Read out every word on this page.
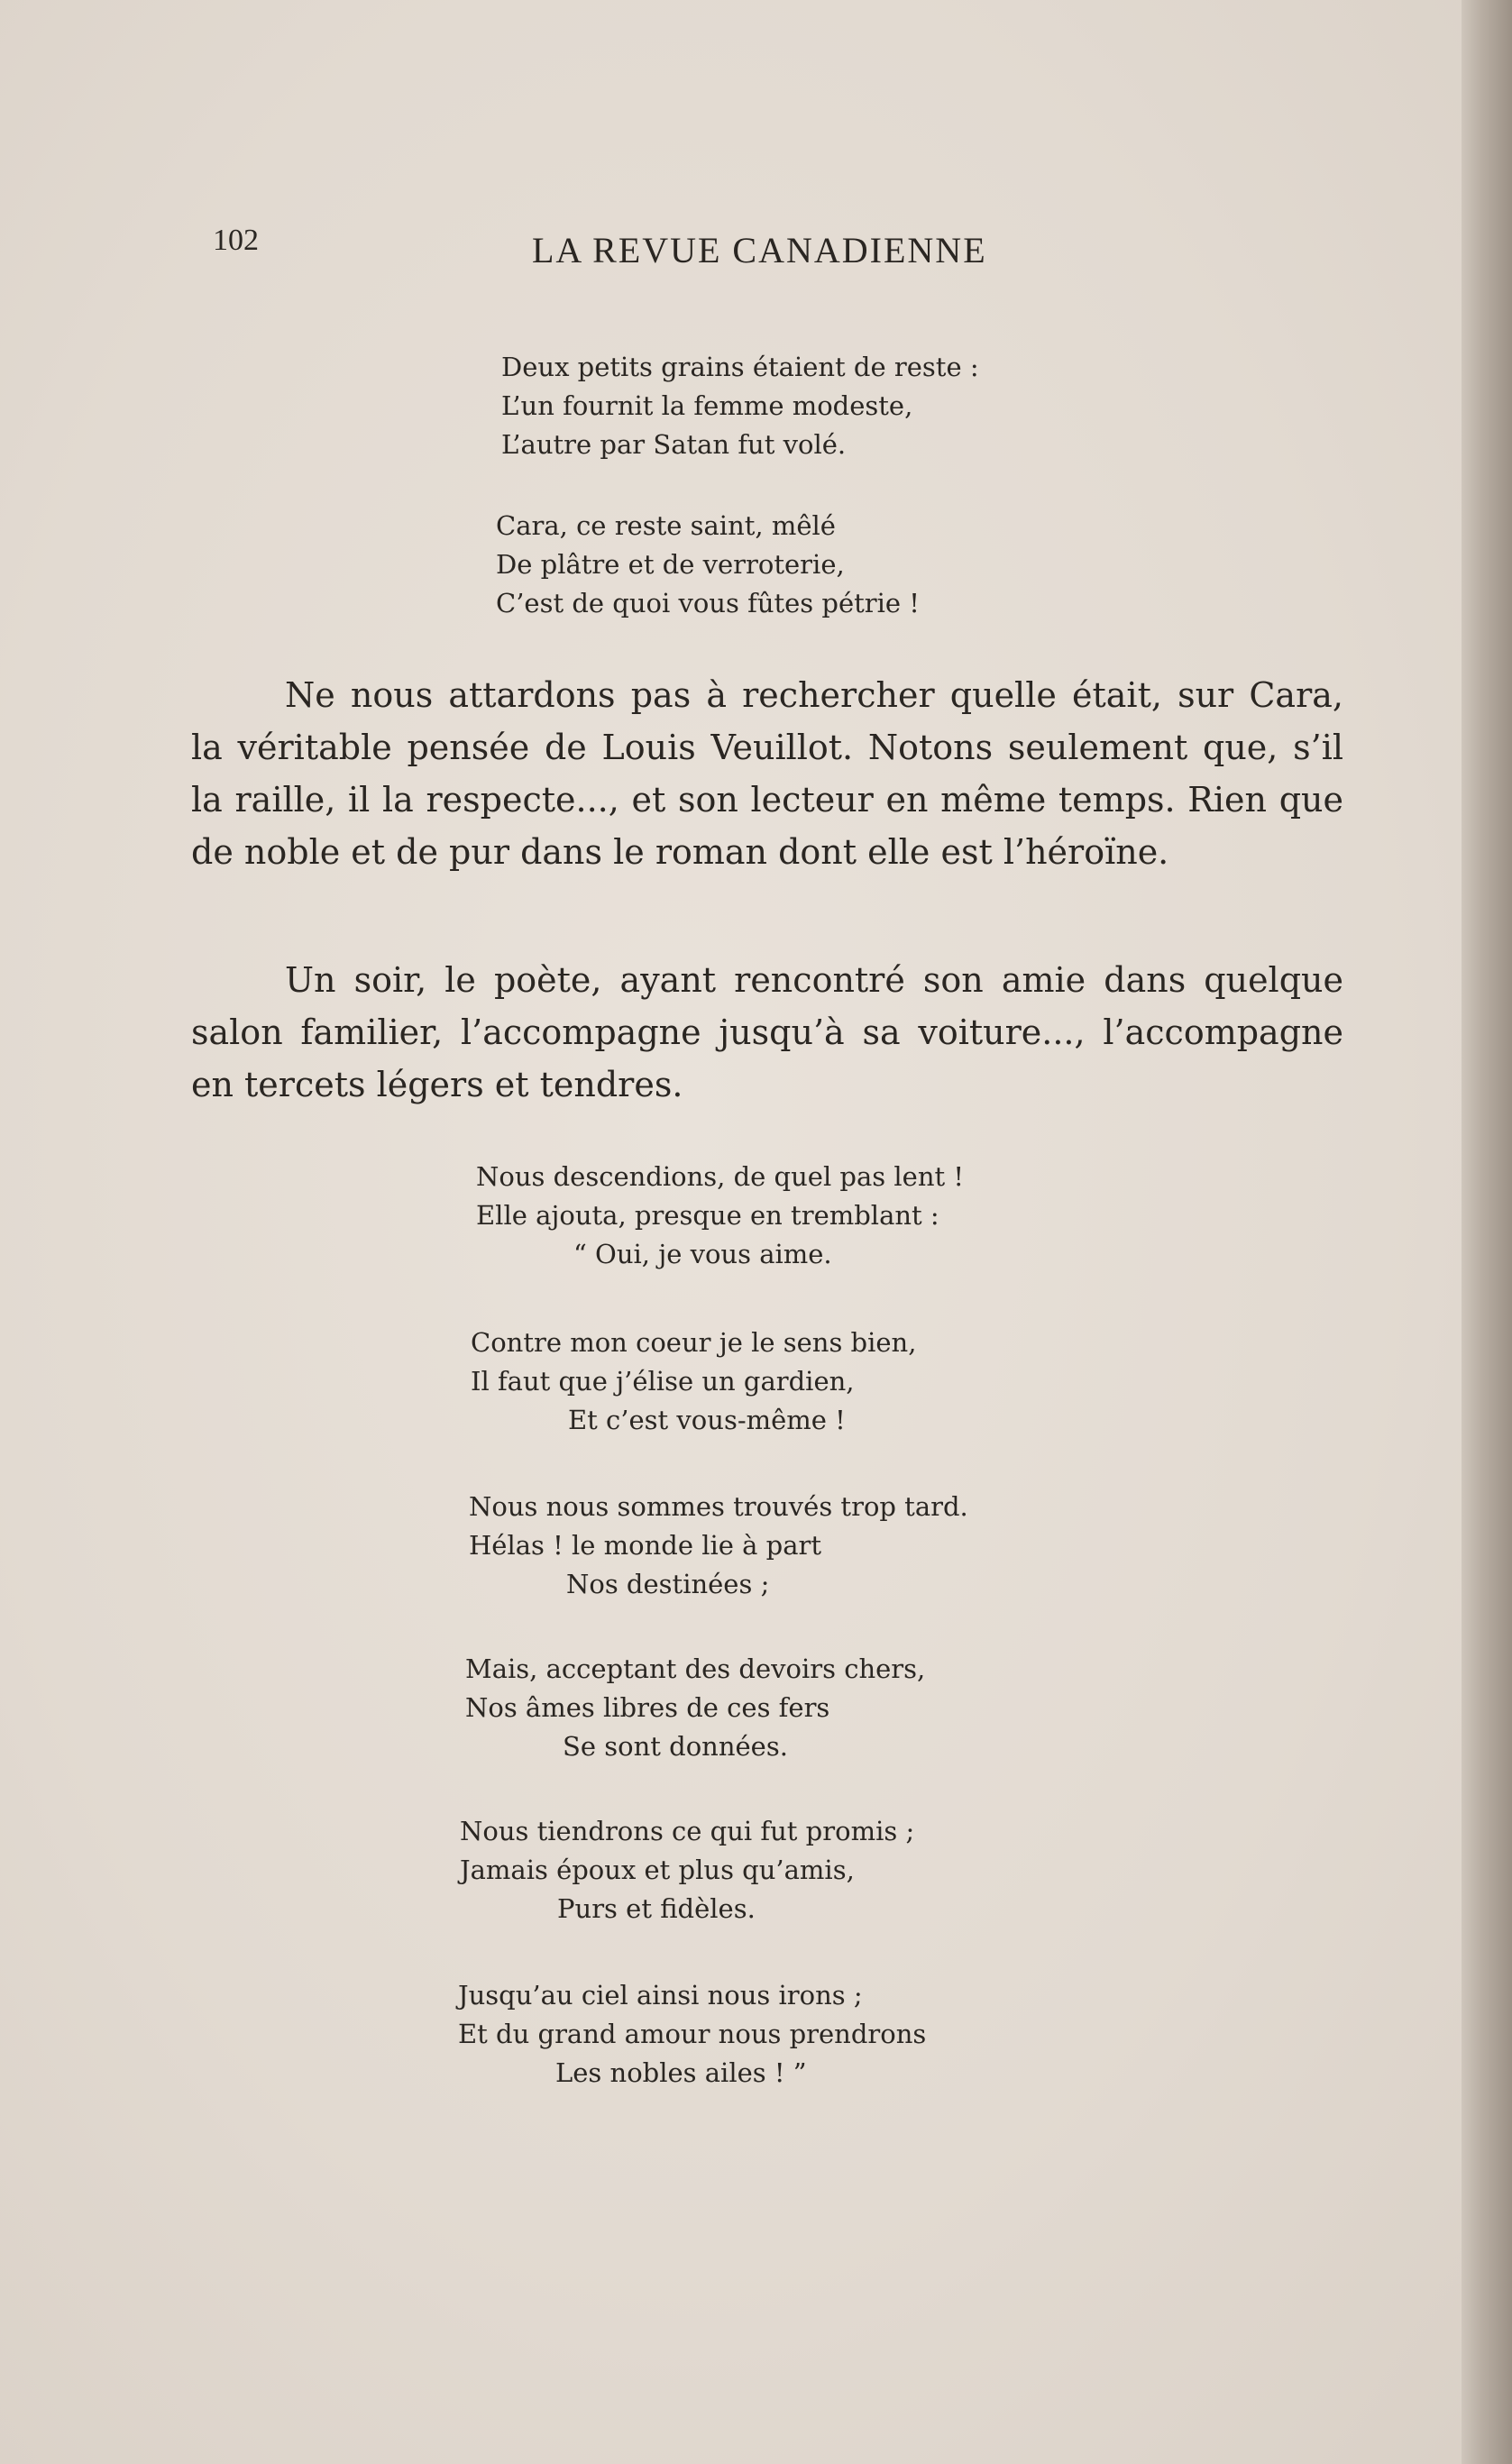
102	LA REVUE CANADIENNE
Deux petits grains étaient de reste :
L’un fournit la femme modeste,
L’autre par Satan fut volé.
Cara, ce reste saint, mêlé
De plâtre et de verroterie,
C’est de quoi vous fûtes pétrie !

Ne nous attardons pas à rechercher quelle était, sur Cara, la véritable pensée de Louis Veuillot. Notons seulement que, s’il la raille, il la respecte..., et son lecteur en même temps. Rien que de noble et de pur dans le roman dont elle est l’héroïne.

Un soir, le poète, ayant rencontré son amie dans quelque salon familier, l’accompagne jusqu’à sa voiture..., l’accompagne en tercets légers et tendres.

Nous descendions, de quel pas lent !
Elle ajouta, presque en tremblant :
“ Oui, je vous aime.
Contre mon coeur je le sens bien,
Il faut que j’élise un gardien,
Et c’est vous-même !
Nous nous sommes trouvés trop tard.
Hélas ! le monde lie à part
Nos destinées ;
Mais, acceptant des devoirs chers,
Nos âmes libres de ces fers
Se sont données.
Nous tiendrons ce qui fut promis ;
Jamais époux et plus qu’amis,
Purs et fidèles.
Jusqu’au ciel ainsi nous irons ;
Et du grand amour nous prendrons
Les nobles ailes ! ”
